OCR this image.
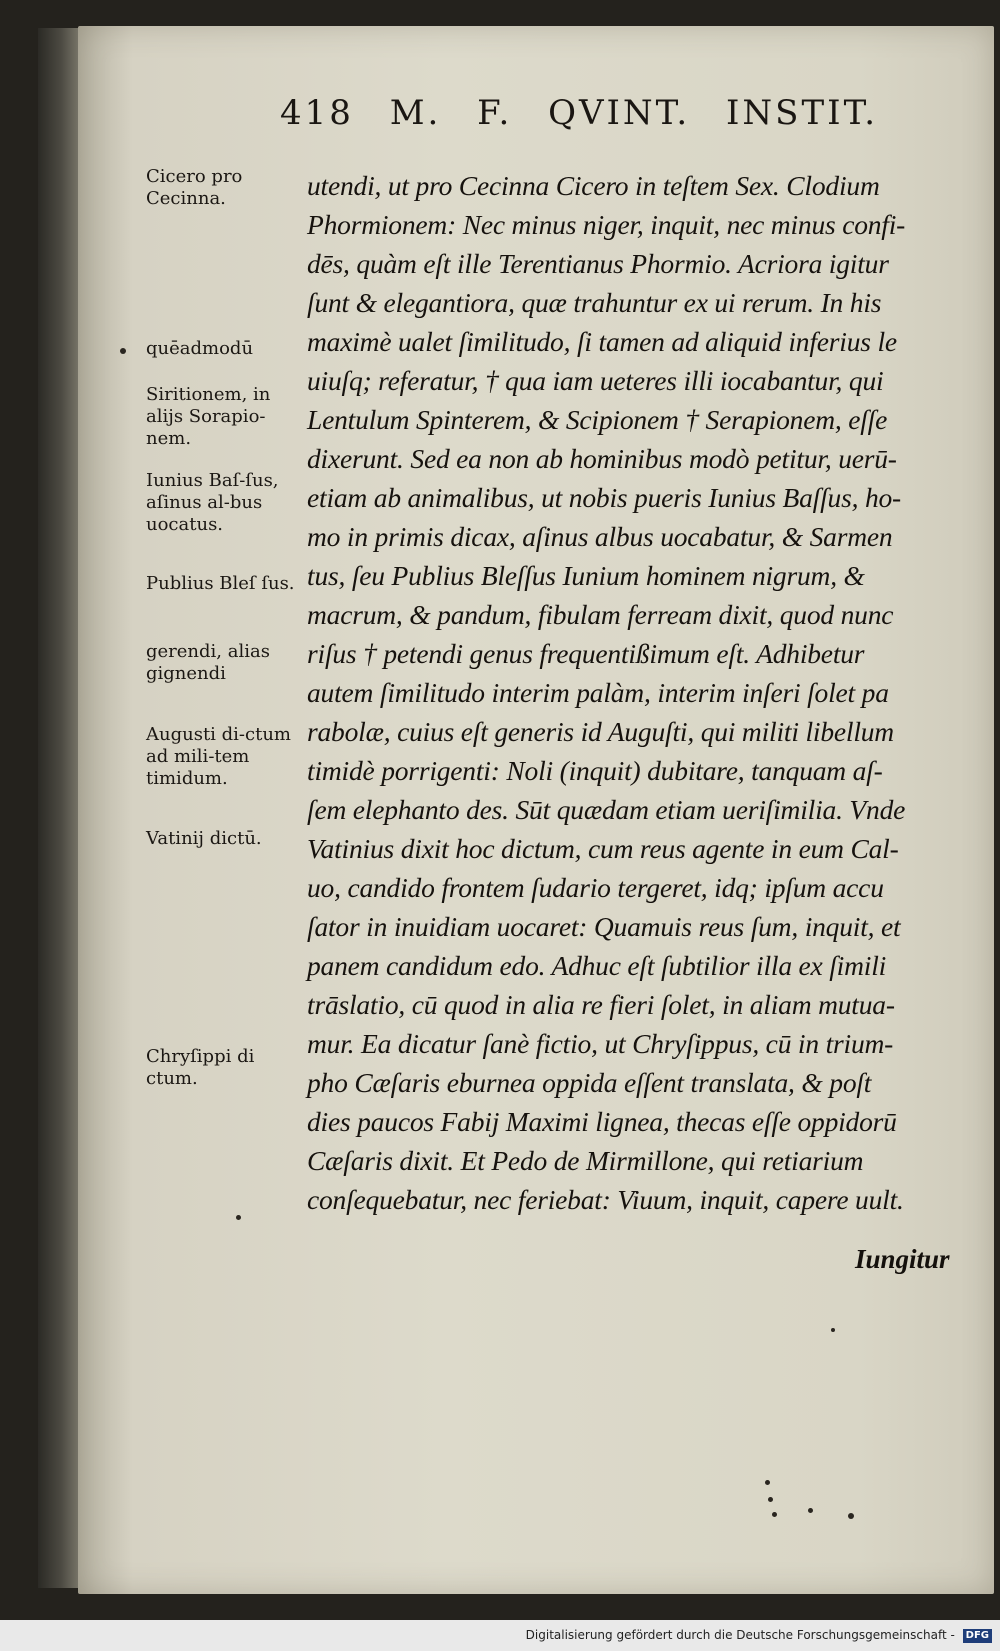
418 M. F. QVINT. INSTIT.
Cicero pro Cecinna.
quēadmodū
Siritionem, in alijs Sorapio-nem.
Iunius Baſ-ſus, aſinus al-bus uocatus.
Publius Bleſ ſus.
gerendi, alias gignendi
Augusti di-ctum ad mili-tem timidum.
Vatinij dictū.
Chryſippi di ctum.
utendi, ut pro Cecinna Cicero in teſtem Sex. Clodium
Phormionem: Nec minus niger, inquit, nec minus confi-
dēs, quàm eſt ille Terentianus Phormio. Acriora igitur
ſunt & elegantiora, quæ trahuntur ex ui rerum. In his
maximè ualet ſimilitudo, ſi tamen ad aliquid inferius le
uiuſq; referatur, † qua iam ueteres illi iocabantur, qui
Lentulum Spinterem, & Scipionem † Serapionem, eſſe
dixerunt. Sed ea non ab hominibus modò petitur, uerū-
etiam ab animalibus, ut nobis pueris Iunius Baſſus, ho-
mo in primis dicax, aſinus albus uocabatur, & Sarmen
tus, ſeu Publius Bleſſus Iunium hominem nigrum, &
macrum, & pandum, fibulam ferream dixit, quod nunc
riſus † petendi genus frequentißimum eſt. Adhibetur
autem ſimilitudo interim palàm, interim inſeri ſolet pa
rabolæ, cuius eſt generis id Auguſti, qui militi libellum
timidè porrigenti: Noli (inquit) dubitare, tanquam aſ-
ſem elephanto des. Sūt quædam etiam ueriſimilia. Vnde
Vatinius dixit hoc dictum, cum reus agente in eum Cal-
uo, candido frontem ſudario tergeret, idq; ipſum accu
ſator in inuidiam uocaret: Quamuis reus ſum, inquit, et
panem candidum edo. Adhuc eſt ſubtilior illa ex ſimili
trāslatio, cū quod in alia re fieri ſolet, in aliam mutua-
mur. Ea dicatur ſanè fictio, ut Chryſippus, cū in trium-
pho Cæſaris eburnea oppida eſſent translata, & poſt
dies paucos Fabij Maximi lignea, thecas eſſe oppidorū
Cæſaris dixit. Et Pedo de Mirmillone, qui retiarium
conſequebatur, nec feriebat: Viuum, inquit, capere uult.
Iungitur
Digitalisierung gefördert durch die Deutsche Forschungsgemeinschaft - DFG
